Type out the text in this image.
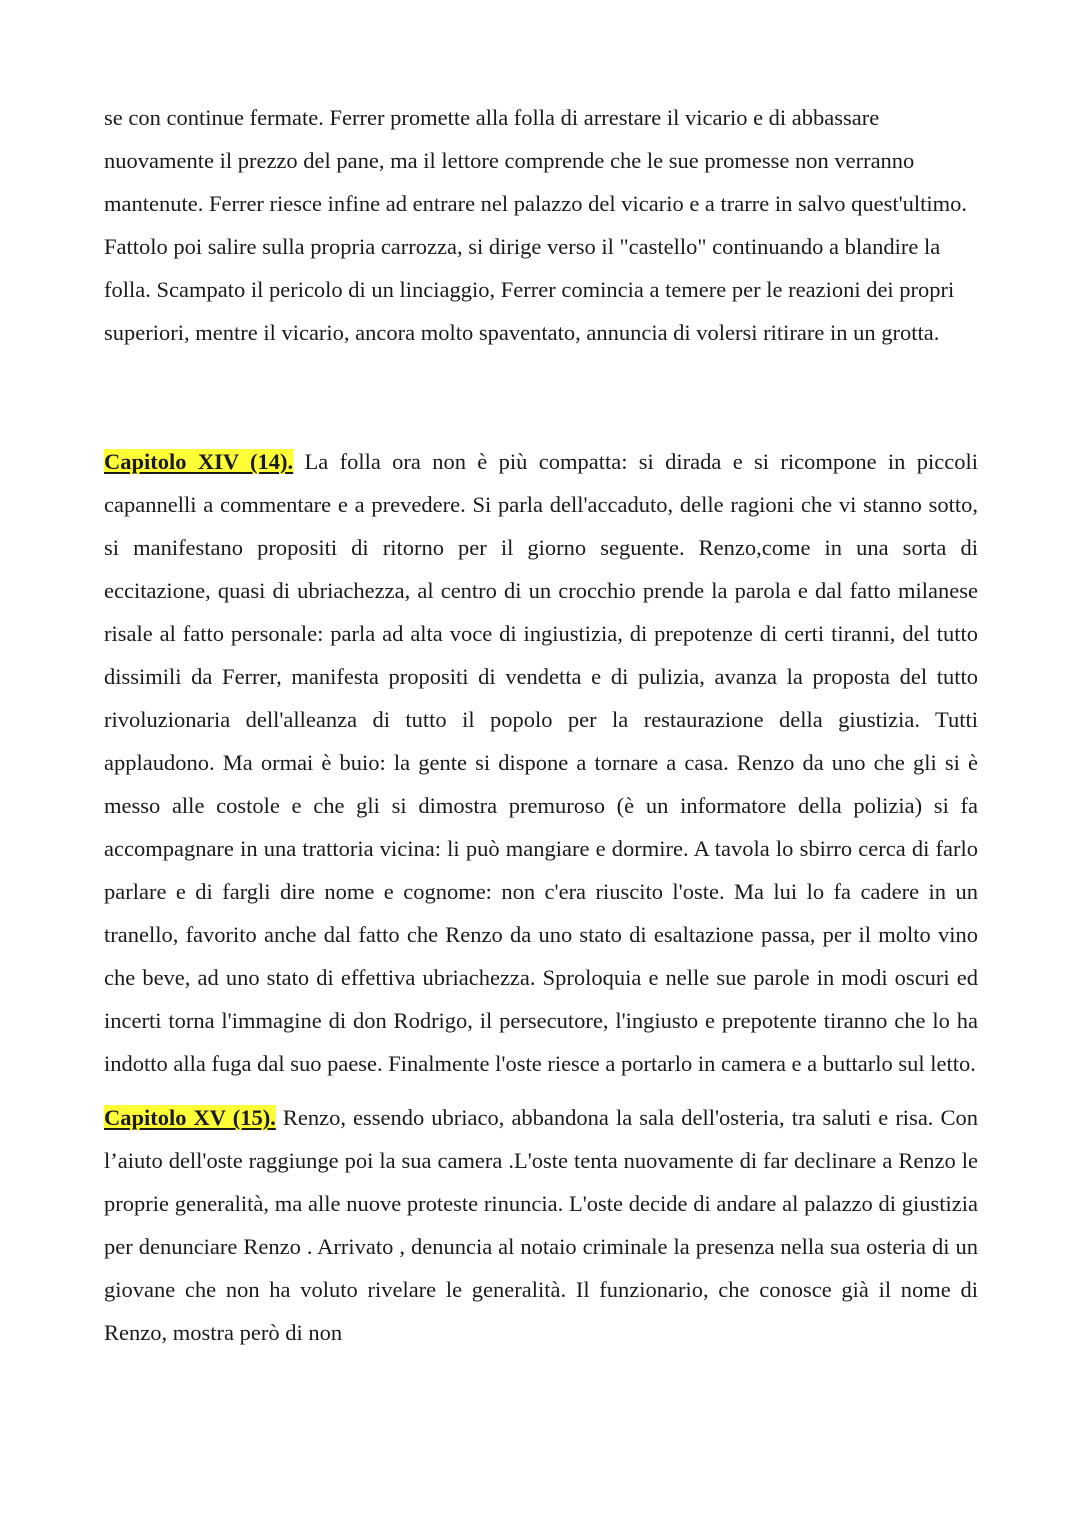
se con continue fermate. Ferrer promette alla folla di arrestare il vicario e di abbassare nuovamente il prezzo del pane, ma il lettore comprende che le sue promesse non verranno mantenute. Ferrer riesce infine ad entrare nel palazzo del vicario e a trarre in salvo quest'ultimo. Fattolo poi salire sulla propria carrozza, si dirige verso il "castello" continuando a blandire la folla. Scampato il pericolo di un linciaggio, Ferrer comincia a temere per le reazioni dei propri superiori, mentre il vicario, ancora molto spaventato, annuncia di volersi ritirare in un grotta.

Capitolo XIV (14). La folla ora non è più compatta: si dirada e si ricompone in piccoli capannelli a commentare e a prevedere. Si parla dell'accaduto, delle ragioni che vi stanno sotto, si manifestano propositi di ritorno per il giorno seguente. Renzo,come in una sorta di eccitazione, quasi di ubriachezza, al centro di un crocchio prende la parola e dal fatto milanese risale al fatto personale: parla ad alta voce di ingiustizia, di prepotenze di certi tiranni, del tutto dissimili da Ferrer, manifesta propositi di vendetta e di pulizia, avanza la proposta del tutto rivoluzionaria dell'alleanza di tutto il popolo per la restaurazione della giustizia. Tutti applaudono. Ma ormai è buio: la gente si dispone a tornare a casa. Renzo da uno che gli si è messo alle costole e che gli si dimostra premuroso (è un informatore della polizia) si fa accompagnare in una trattoria vicina: li può mangiare e dormire. A tavola lo sbirro cerca di farlo parlare e di fargli dire nome e cognome: non c'era riuscito l'oste. Ma lui lo fa cadere in un tranello, favorito anche dal fatto che Renzo da uno stato di esaltazione passa, per il molto vino che beve, ad uno stato di effettiva ubriachezza. Sproloquia e nelle sue parole in modi oscuri ed incerti torna l'immagine di don Rodrigo, il persecutore, l'ingiusto e prepotente tiranno che lo ha indotto alla fuga dal suo paese. Finalmente l'oste riesce a portarlo in camera e a buttarlo sul letto.

Capitolo XV (15). Renzo, essendo ubriaco, abbandona la sala dell'osteria, tra saluti e risa. Con l’aiuto dell'oste raggiunge poi la sua camera .L'oste tenta nuovamente di far declinare a Renzo le proprie generalità, ma alle nuove proteste rinuncia. L'oste decide di andare al palazzo di giustizia per denunciare Renzo . Arrivato , denuncia al notaio criminale la presenza nella sua osteria di un giovane che non ha voluto rivelare le generalità. Il funzionario, che conosce già il nome di Renzo, mostra però di non
